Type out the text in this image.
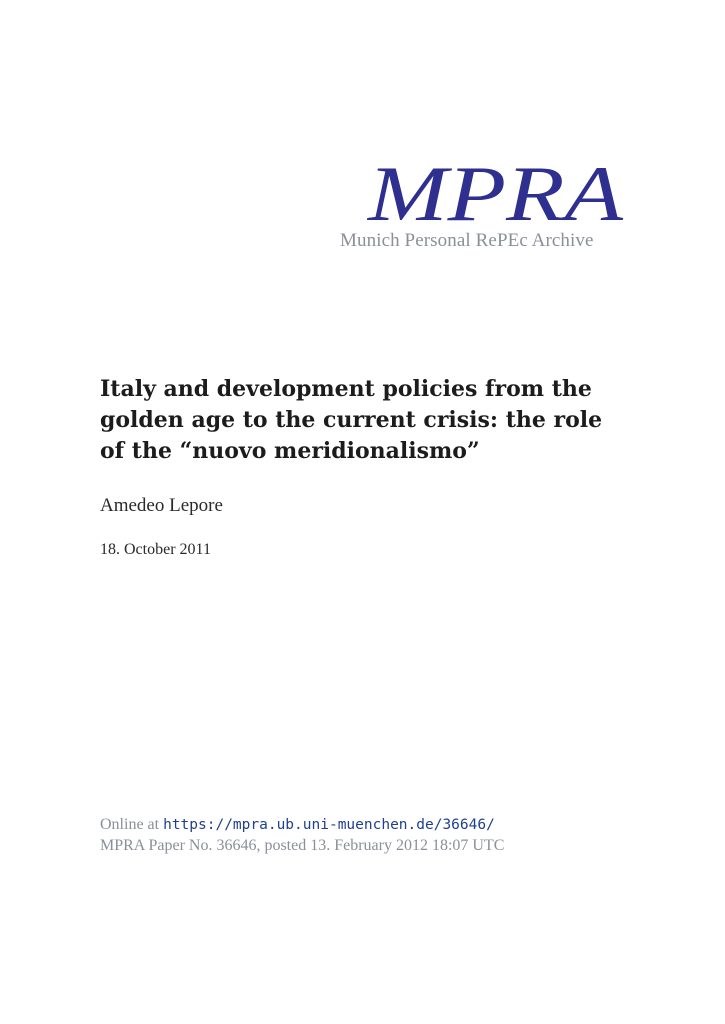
MPRA
Munich Personal RePEc Archive
Italy and development policies from the
golden age to the current crisis: the role
of the “nuovo meridionalismo”
Amedeo Lepore
18. October 2011
Online at https://mpra.ub.uni-muenchen.de/36646/
MPRA Paper No. 36646, posted 13. February 2012 18:07 UTC
